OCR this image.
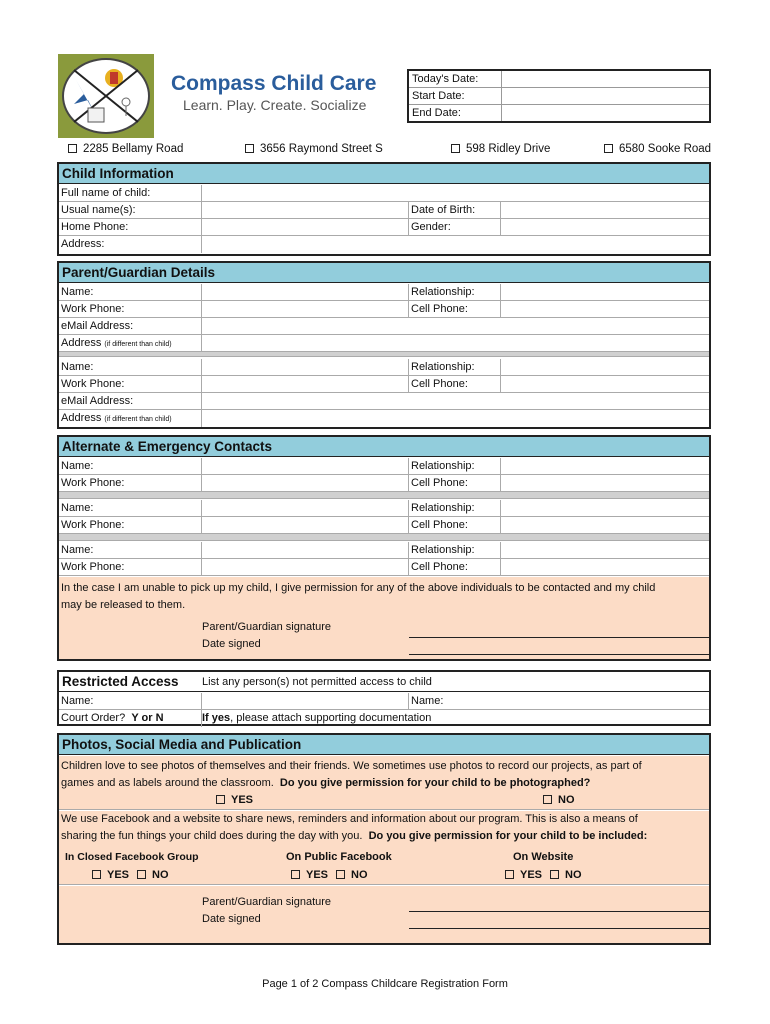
Compass Child Care
Learn. Play. Create. Socialize
Today's Date:
Start Date:
End Date:
2285 Bellamy Road	3656 Raymond Street S	598 Ridley Drive	6580 Sooke Road
Child Information
Full name of child:
Usual name(s):	Date of Birth:
Home Phone:	Gender:
Address:
Parent/Guardian Details
Name:	Relationship:
Work Phone:	Cell Phone:
eMail Address:
Address (if different than child)
Name:	Relationship:
Work Phone:	Cell Phone:
eMail Address:
Address (if different than child)
Alternate & Emergency Contacts
Name:	Relationship:
Work Phone:	Cell Phone:
Name:	Relationship:
Work Phone:	Cell Phone:
Name:	Relationship:
Work Phone:	Cell Phone:
In the case I am unable to pick up my child, I give permission for any of the above individuals to be contacted and my child
may be released to them.
Parent/Guardian signature
Date signed
Restricted Access List any person(s) not permitted access to child
Name:	Name:
Court Order? Y or N	If yes, please attach supporting documentation
Photos, Social Media and Publication
Children love to see photos of themselves and their friends. We sometimes use photos to record our projects, as part of
games and as labels around the classroom. Do you give permission for your child to be photographed?
YES	NO
We use Facebook and a website to share news, reminders and information about our program. This is also a means of
sharing the fun things your child does during the day with you. Do you give permission for your child to be included:
In Closed Facebook Group	On Public Facebook	On Website
YES	NO	YES	NO	YES	NO
Parent/Guardian signature
Date signed
Page 1 of 2 Compass Childcare Registration Form
